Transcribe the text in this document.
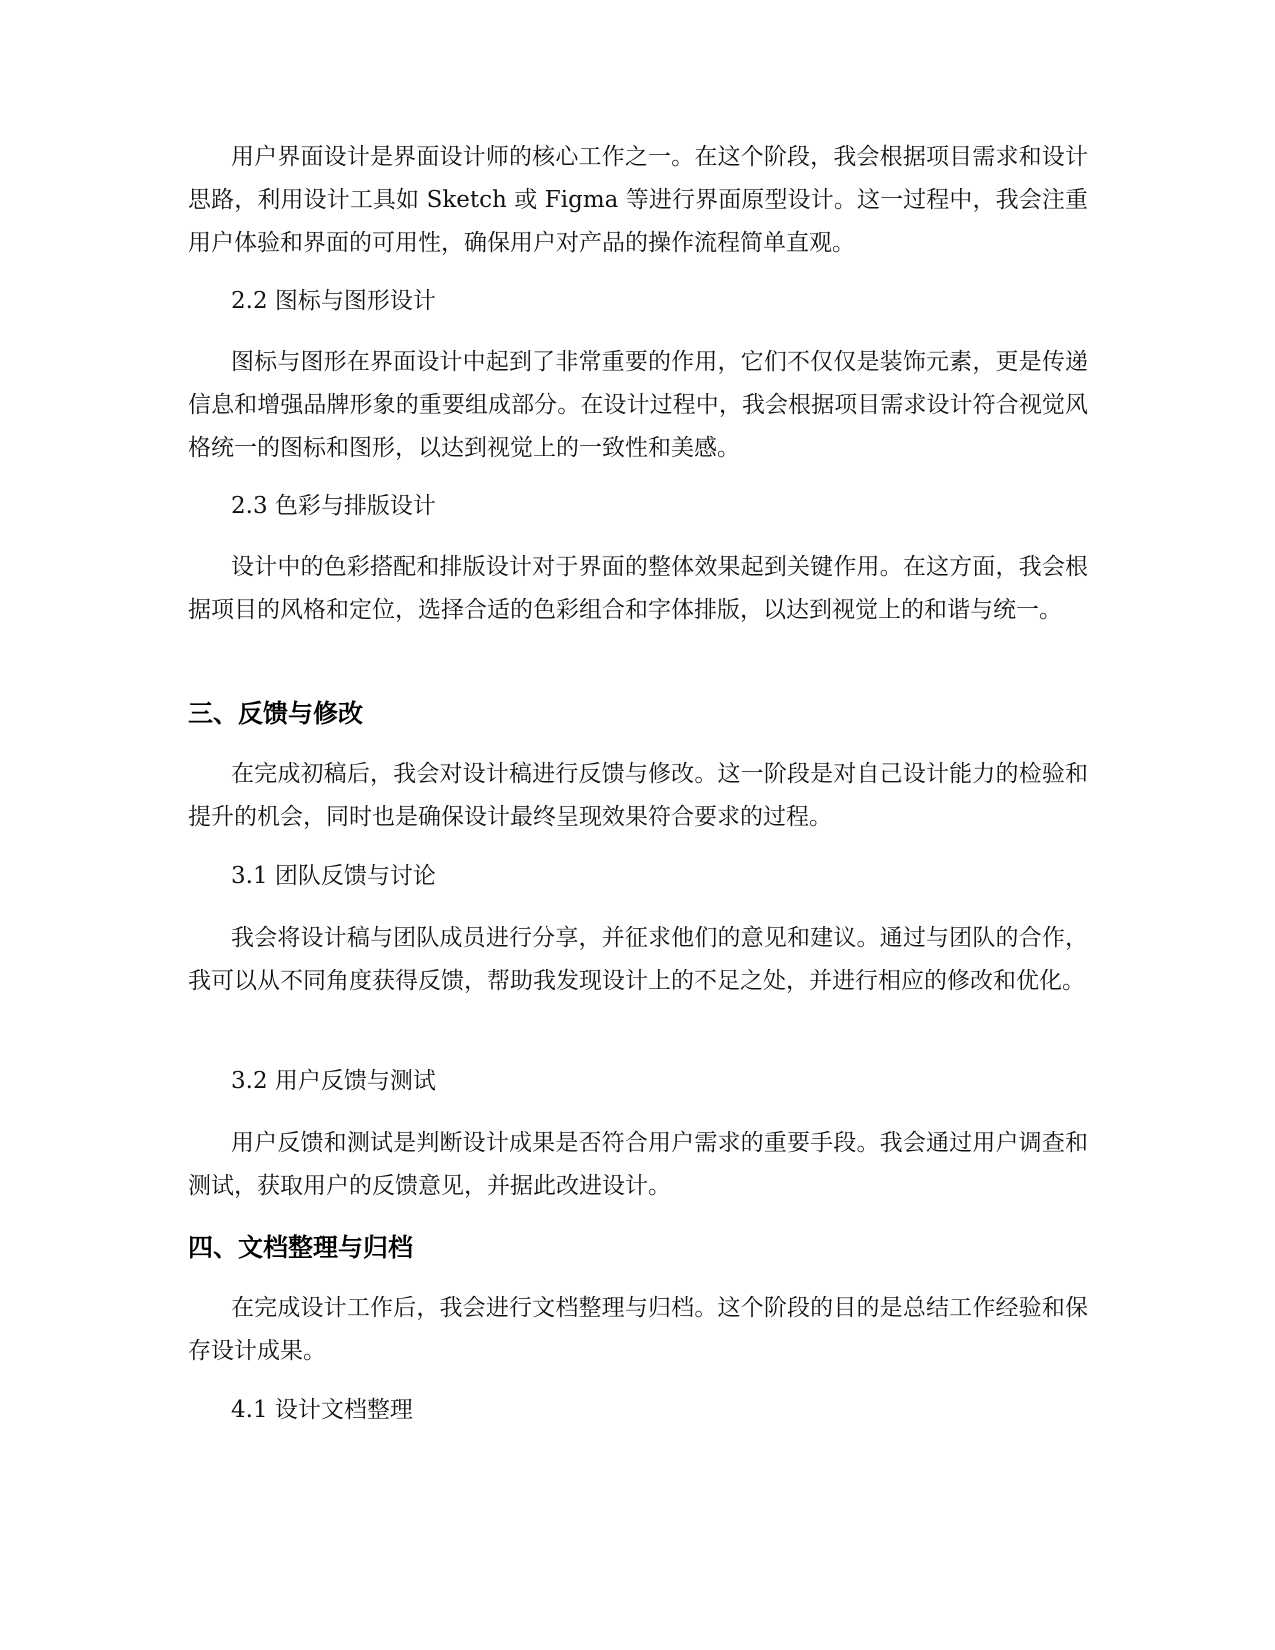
用户界面设计是界面设计师的核心工作之一。在这个阶段，我会根据项目需求和设计思路，利用设计工具如 Sketch 或 Figma 等进行界面原型设计。这一过程中，我会注重用户体验和界面的可用性，确保用户对产品的操作流程简单直观。

2.2 图标与图形设计

图标与图形在界面设计中起到了非常重要的作用，它们不仅仅是装饰元素，更是传递信息和增强品牌形象的重要组成部分。在设计过程中，我会根据项目需求设计符合视觉风格统一的图标和图形，以达到视觉上的一致性和美感。

2.3 色彩与排版设计

设计中的色彩搭配和排版设计对于界面的整体效果起到关键作用。在这方面，我会根据项目的风格和定位，选择合适的色彩组合和字体排版，以达到视觉上的和谐与统一。

三、反馈与修改

在完成初稿后，我会对设计稿进行反馈与修改。这一阶段是对自己设计能力的检验和提升的机会，同时也是确保设计最终呈现效果符合要求的过程。

3.1 团队反馈与讨论

我会将设计稿与团队成员进行分享，并征求他们的意见和建议。通过与团队的合作，我可以从不同角度获得反馈，帮助我发现设计上的不足之处，并进行相应的修改和优化。

3.2 用户反馈与测试

用户反馈和测试是判断设计成果是否符合用户需求的重要手段。我会通过用户调查和测试，获取用户的反馈意见，并据此改进设计。

四、文档整理与归档

在完成设计工作后，我会进行文档整理与归档。这个阶段的目的是总结工作经验和保存设计成果。

4.1 设计文档整理
